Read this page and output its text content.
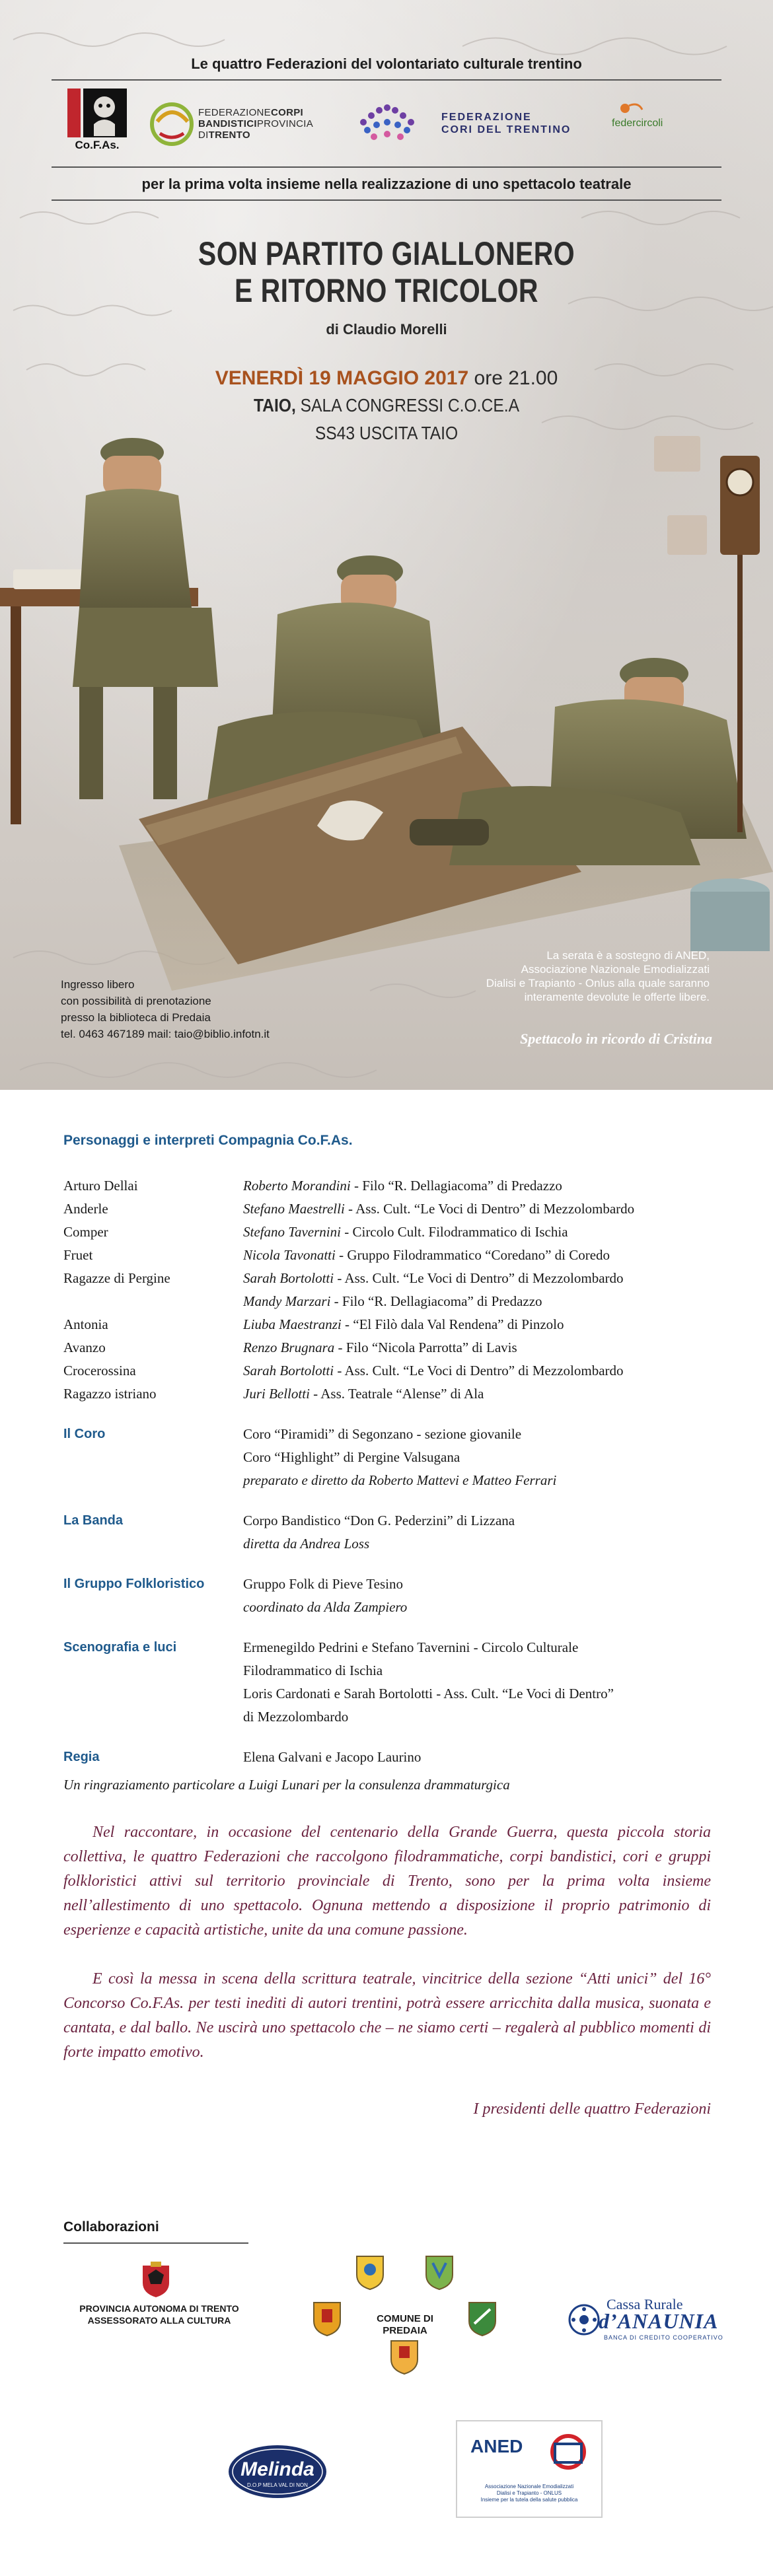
Le quattro Federazioni del volontariato culturale trentino
Co.F.As.
FEDERAZIONECORPI
BANDISTICIPROVINCIA
DITRENTO
FEDERAZIONE
CORI DEL TRENTINO
federcircoli
per la prima volta insieme nella realizzazione di uno spettacolo teatrale
SON PARTITO GIALLONERO
E RITORNO TRICOLOR
di Claudio Morelli
VENERDÌ 19 MAGGIO 2017 ore 21.00
TAIO, SALA CONGRESSI C.O.CE.A
SS43 USCITA TAIO
Ingresso libero
con possibilità di prenotazione
presso la biblioteca di Predaia
tel. 0463 467189 mail: taio@biblio.infotn.it
La serata è a sostegno di ANED,
Associazione Nazionale Emodializzati
Dialisi e Trapianto - Onlus alla quale saranno
interamente devolute le offerte libere.
Spettacolo in ricordo di Cristina
Personaggi e interpreti Compagnia Co.F.As.
Arturo Dellai	Roberto Morandini - Filo “R. Dellagiacoma” di Predazzo
Anderle	Stefano Maestrelli - Ass. Cult. “Le Voci di Dentro” di Mezzolombardo
Comper	Stefano Tavernini - Circolo Cult. Filodrammatico di Ischia
Fruet	Nicola Tavonatti - Gruppo Filodrammatico “Coredano” di Coredo
Ragazze di Pergine	Sarah Bortolotti - Ass. Cult. “Le Voci di Dentro” di Mezzolombardo
Mandy Marzari - Filo “R. Dellagiacoma” di Predazzo
Antonia	Liuba Maestranzi - “El Filò dala Val Rendena” di Pinzolo
Avanzo	Renzo Brugnara - Filo “Nicola Parrotta” di Lavis
Crocerossina	Sarah Bortolotti - Ass. Cult. “Le Voci di Dentro” di Mezzolombardo
Ragazzo istriano	Juri Bellotti - Ass. Teatrale “Alense” di Ala
Il Coro	Coro “Piramidi” di Segonzano - sezione giovanile
Coro “Highlight” di Pergine Valsugana
preparato e diretto da Roberto Mattevi e Matteo Ferrari
La Banda	Corpo Bandistico “Don G. Pederzini” di Lizzana
diretta da Andrea Loss
Il Gruppo Folkloristico	Gruppo Folk di Pieve Tesino
coordinato da Alda Zampiero
Scenografia e luci	Ermenegildo Pedrini e Stefano Tavernini - Circolo Culturale
Filodrammatico di Ischia
Loris Cardonati e Sarah Bortolotti - Ass. Cult. “Le Voci di Dentro”
di Mezzolombardo
Regia	Elena Galvani e Jacopo Laurino
Un ringraziamento particolare a Luigi Lunari per la consulenza drammaturgica
Nel raccontare, in occasione del centenario della Grande Guerra, questa piccola storia collettiva, le quattro Federazioni che raccolgono filodrammatiche, corpi bandistici, cori e gruppi folkloristici attivi sul territorio provinciale di Trento, sono per la prima volta insieme nell’allestimento di uno spettacolo. Ognuna mettendo a disposizione il proprio patrimonio di esperienze e capacità artistiche, unite da una comune passione.
E così la messa in scena della scrittura teatrale, vincitrice della sezione “Atti unici” del 16° Concorso Co.F.As. per testi inediti di autori trentini, potrà essere arricchita dalla musica, suonata e cantata, e dal ballo. Ne uscirà uno spettacolo che – ne siamo certi – regalerà al pubblico momenti di forte impatto emotivo.
I presidenti delle quattro Federazioni
Collaborazioni
PROVINCIA AUTONOMA DI TRENTO
ASSESSORATO ALLA CULTURA	COMUNE DI
PREDAIA
Cassa Rurale
d’ANAUNIA
BANCA DI CREDITO COOPERATIVO
Melinda
D.O.P MELA VAL DI NON
ANED
Associazione Nazionale Emodializzati
Dialisi e Trapianto - ONLUS
Insieme per la tutela della salute pubblica
